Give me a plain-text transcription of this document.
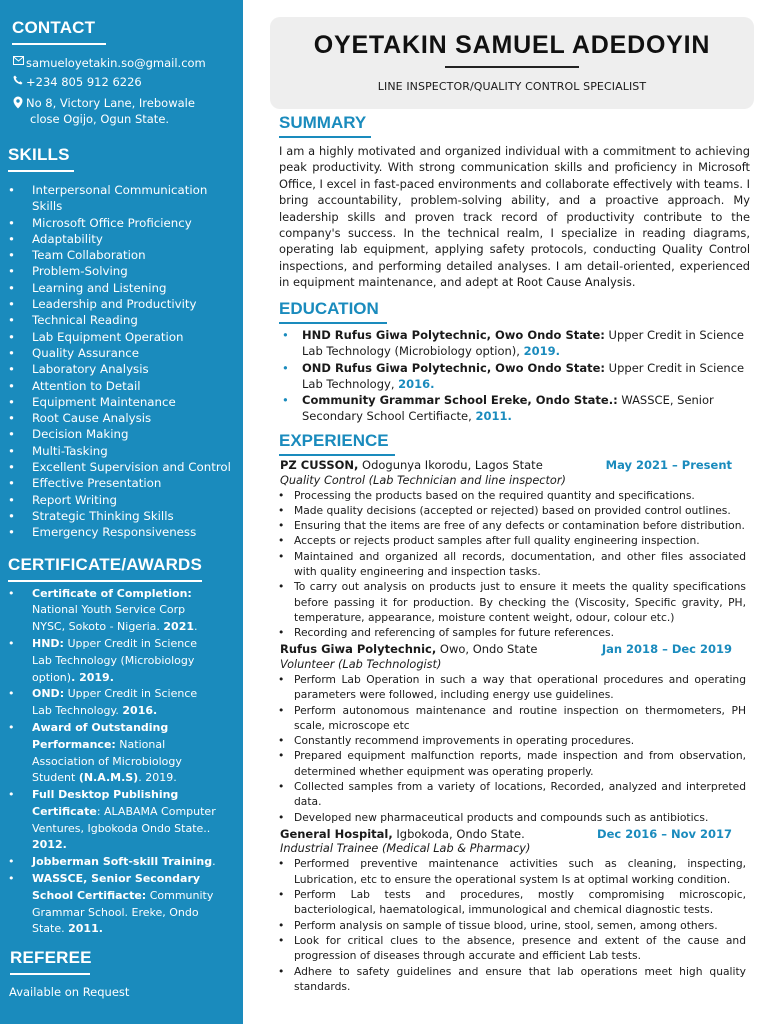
CONTACT
samueloyetakin.so@gmail.com
+234 805 912 6226
No 8, Victory Lane, Irebowale
close Ogijo, Ogun State.
SKILLS
• Interpersonal Communication Skills
• Microsoft Office Proficiency
• Adaptability
• Team Collaboration
• Problem-Solving
• Learning and Listening
• Leadership and Productivity
• Technical Reading
• Lab Equipment Operation
• Quality Assurance
• Laboratory Analysis
• Attention to Detail
• Equipment Maintenance
• Root Cause Analysis
• Decision Making
• Multi-Tasking
• Excellent Supervision and Control
• Effective Presentation
• Report Writing
• Strategic Thinking Skills
• Emergency Responsiveness
CERTIFICATE/AWARDS
• Certificate of Completion: National Youth Service Corp NYSC, Sokoto - Nigeria. 2021.
• HND: Upper Credit in Science Lab Technology (Microbiology option). 2019.
• OND: Upper Credit in Science Lab Technology. 2016.
• Award of Outstanding Performance: National Association of Microbiology Student (N.A.M.S). 2019.
• Full Desktop Publishing Certificate: ALABAMA Computer Ventures, Igbokoda Ondo State.. 2012.
• Jobberman Soft-skill Training.
• WASSCE, Senior Secondary School Certifiacte: Community Grammar School. Ereke, Ondo State. 2011.
REFEREE
Available on Request
OYETAKIN SAMUEL ADEDOYIN
LINE INSPECTOR/QUALITY CONTROL SPECIALIST
SUMMARY

I am a highly motivated and organized individual with a commitment to achieving peak productivity. With strong communication skills and proficiency in Microsoft Office, I excel in fast-paced environments and collaborate effectively with teams. I bring accountability, problem-solving ability, and a proactive approach. My leadership skills and proven track record of productivity contribute to the company's success. In the technical realm, I specialize in reading diagrams, operating lab equipment, applying safety protocols, conducting Quality Control inspections, and performing detailed analyses. I am detail-oriented, experienced in equipment maintenance, and adept at Root Cause Analysis.

EDUCATION
• HND Rufus Giwa Polytechnic, Owo Ondo State: Upper Credit in Science Lab Technology (Microbiology option), 2019.
• OND Rufus Giwa Polytechnic, Owo Ondo State: Upper Credit in Science Lab Technology, 2016.
• Community Grammar School Ereke, Ondo State.: WASSCE, Senior Secondary School Certifiacte, 2011.
EXPERIENCE
PZ CUSSON, Odogunya Ikorodu, Lagos State	May 2021 – Present
Quality Control (Lab Technician and line inspector)
• Processing the products based on the required quantity and specifications.
• Made quality decisions (accepted or rejected) based on provided control outlines.
• Ensuring that the items are free of any defects or contamination before distribution.
• Accepts or rejects product samples after full quality engineering inspection.
• Maintained and organized all records, documentation, and other files associated with quality engineering and inspection tasks.
• To carry out analysis on products just to ensure it meets the quality specifications before passing it for production. By checking the (Viscosity, Specific gravity, PH, temperature, appearance, moisture content weight, odour, colour etc.)
• Recording and referencing of samples for future references.
Rufus Giwa Polytechnic, Owo, Ondo State	Jan 2018 – Dec 2019
Volunteer (Lab Technologist)
• Perform Lab Operation in such a way that operational procedures and operating parameters were followed, including energy use guidelines.
• Perform autonomous maintenance and routine inspection on thermometers, PH scale, microscope etc
• Constantly recommend improvements in operating procedures.
• Prepared equipment malfunction reports, made inspection and from observation, determined whether equipment was operating properly.
• Collected samples from a variety of locations, Recorded, analyzed and interpreted data.
• Developed new pharmaceutical products and compounds such as antibiotics.
General Hospital, Igbokoda, Ondo State.	Dec 2016 – Nov 2017
Industrial Trainee (Medical Lab & Pharmacy)
• Performed preventive maintenance activities such as cleaning, inspecting, Lubrication, etc to ensure the operational system Is at optimal working condition.
• Perform Lab tests and procedures, mostly compromising microscopic, bacteriological, haematological, immunological and chemical diagnostic tests.
• Perform analysis on sample of tissue blood, urine, stool, semen, among others.
• Look for critical clues to the absence, presence and extent of the cause and progression of diseases through accurate and efficient Lab tests.
• Adhere to safety guidelines and ensure that lab operations meet high quality standards.
